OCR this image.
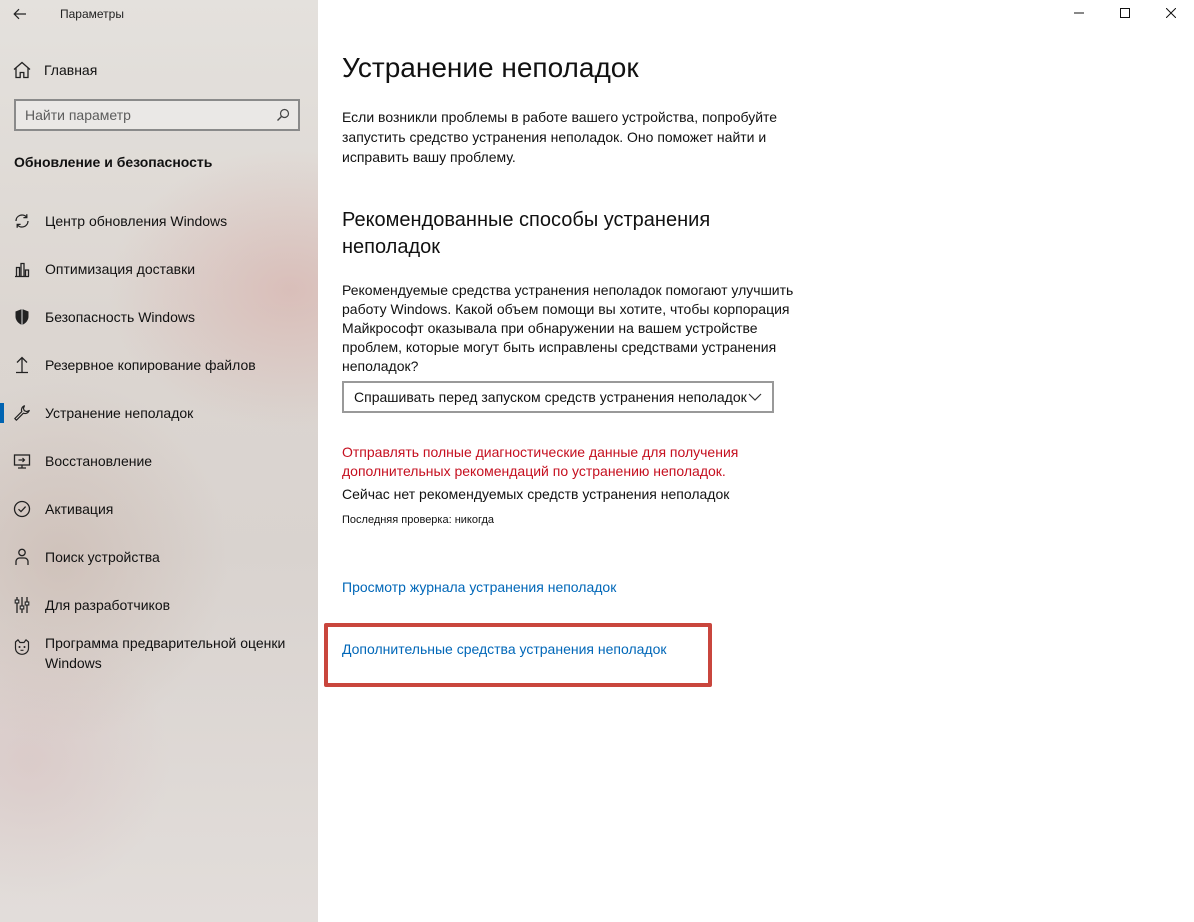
Параметры
Главная
Найти параметр
Обновление и безопасность
Центр обновления Windows
Оптимизация доставки
Безопасность Windows
Резервное копирование файлов
Устранение неполадок
Восстановление
Активация
Поиск устройства
Для разработчиков
Программа предварительной оценки Windows
Устранение неполадок
Если возникли проблемы в работе вашего устройства, попробуйте запустить средство устранения неполадок. Оно поможет найти и исправить вашу проблему.
Рекомендованные способы устранения неполадок
Рекомендуемые средства устранения неполадок помогают улучшить работу Windows. Какой объем помощи вы хотите, чтобы корпорация Майкрософт оказывала при обнаружении на вашем устройстве проблем, которые могут быть исправлены средствами устранения неполадок?
Спрашивать перед запуском средств устранения неполадок
Отправлять полные диагностические данные для получения дополнительных рекомендаций по устранению неполадок.
Сейчас нет рекомендуемых средств устранения неполадок
Последняя проверка: никогда
Просмотр журнала устранения неполадок
Дополнительные средства устранения неполадок
